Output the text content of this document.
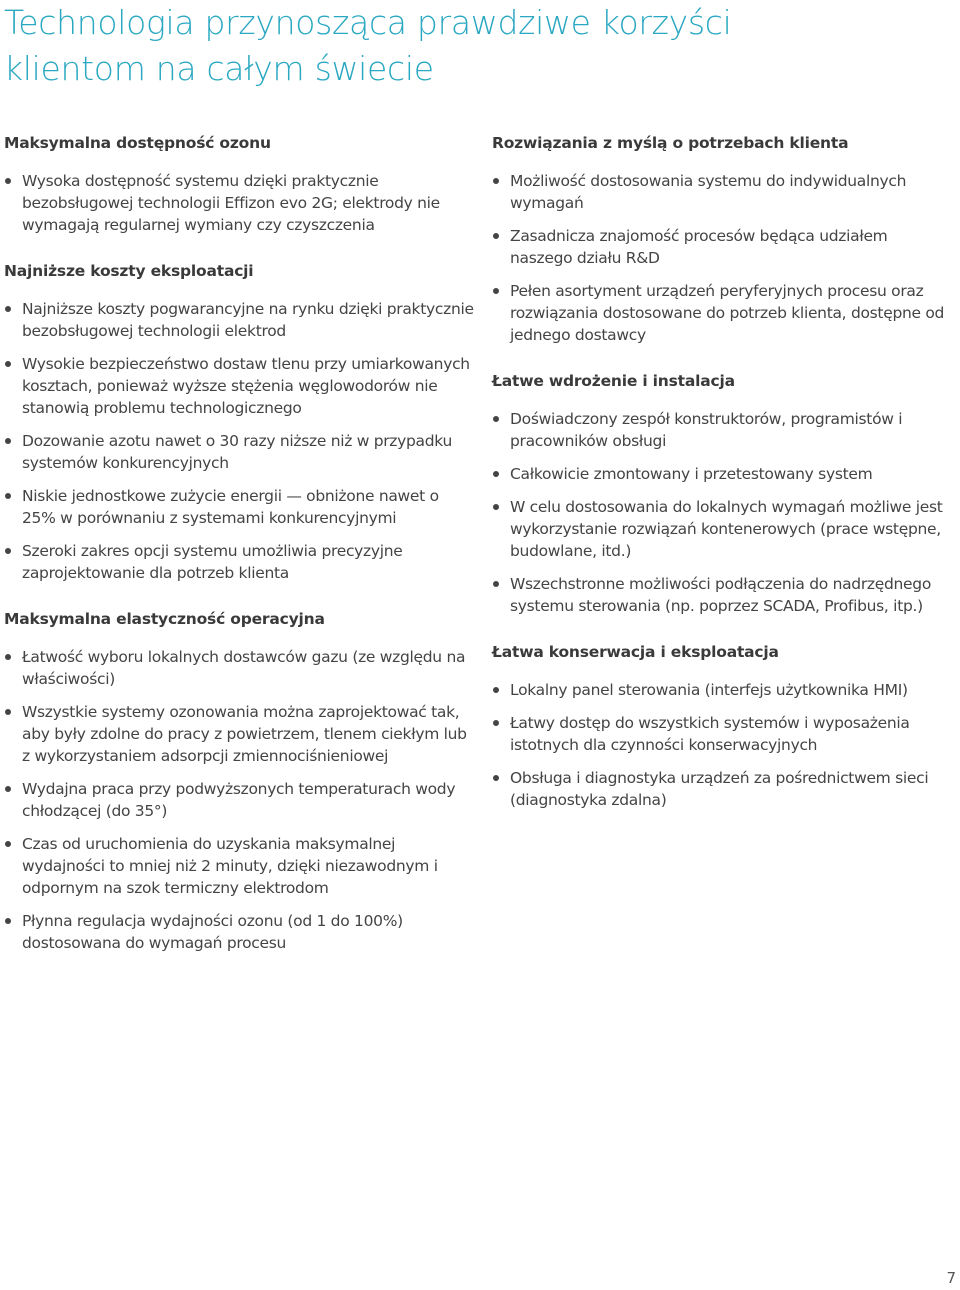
Technologia przynosząca prawdziwe korzyści
klientom na całym świecie
Maksymalna dostępność ozonu
Wysoka dostępność systemu dzięki praktycznie bezobsługowej technologii Effizon evo 2G; elektrody nie wymagają regularnej wymiany czy czyszczenia
Najniższe koszty eksploatacji
Najniższe koszty pogwarancyjne na rynku dzięki praktycznie bezobsługowej technologii elektrod
Wysokie bezpieczeństwo dostaw tlenu przy umiarkowanych kosztach, ponieważ wyższe stężenia węglowodorów nie stanowią problemu technologicznego
Dozowanie azotu nawet o 30 razy niższe niż w przypadku systemów konkurencyjnych
Niskie jednostkowe zużycie energii — obniżone nawet o 25% w porównaniu z systemami konkurencyjnymi
Szeroki zakres opcji systemu umożliwia precyzyjne zaprojektowanie dla potrzeb klienta
Maksymalna elastyczność operacyjna
Łatwość wyboru lokalnych dostawców gazu (ze względu na właściwości)
Wszystkie systemy ozonowania można zaprojektować tak, aby były zdolne do pracy z powietrzem, tlenem ciekłym lub z wykorzystaniem adsorpcji zmiennociśnieniowej
Wydajna praca przy podwyższonych temperaturach wody chłodzącej (do 35°)
Czas od uruchomienia do uzyskania maksymalnej wydajności to mniej niż 2 minuty, dzięki niezawodnym i odpornym na szok termiczny elektrodom
Płynna regulacja wydajności ozonu (od 1 do 100%) dostosowana do wymagań procesu
Rozwiązania z myślą o potrzebach klienta
Możliwość dostosowania systemu do indywidualnych wymagań
Zasadnicza znajomość procesów będąca udziałem naszego działu R&D
Pełen asortyment urządzeń peryferyjnych procesu oraz rozwiązania dostosowane do potrzeb klienta, dostępne od jednego dostawcy
Łatwe wdrożenie i instalacja
Doświadczony zespół konstruktorów, programistów i pracowników obsługi
Całkowicie zmontowany i przetestowany system
W celu dostosowania do lokalnych wymagań możliwe jest wykorzystanie rozwiązań kontenerowych (prace wstępne, budowlane, itd.)
Wszechstronne możliwości podłączenia do nadrzędnego systemu sterowania (np. poprzez SCADA, Profibus, itp.)
Łatwa konserwacja i eksploatacja
Lokalny panel sterowania (interfejs użytkownika HMI)
Łatwy dostęp do wszystkich systemów i wyposażenia istotnych dla czynności konserwacyjnych
Obsługa i diagnostyka urządzeń za pośrednictwem sieci (diagnostyka zdalna)
7
